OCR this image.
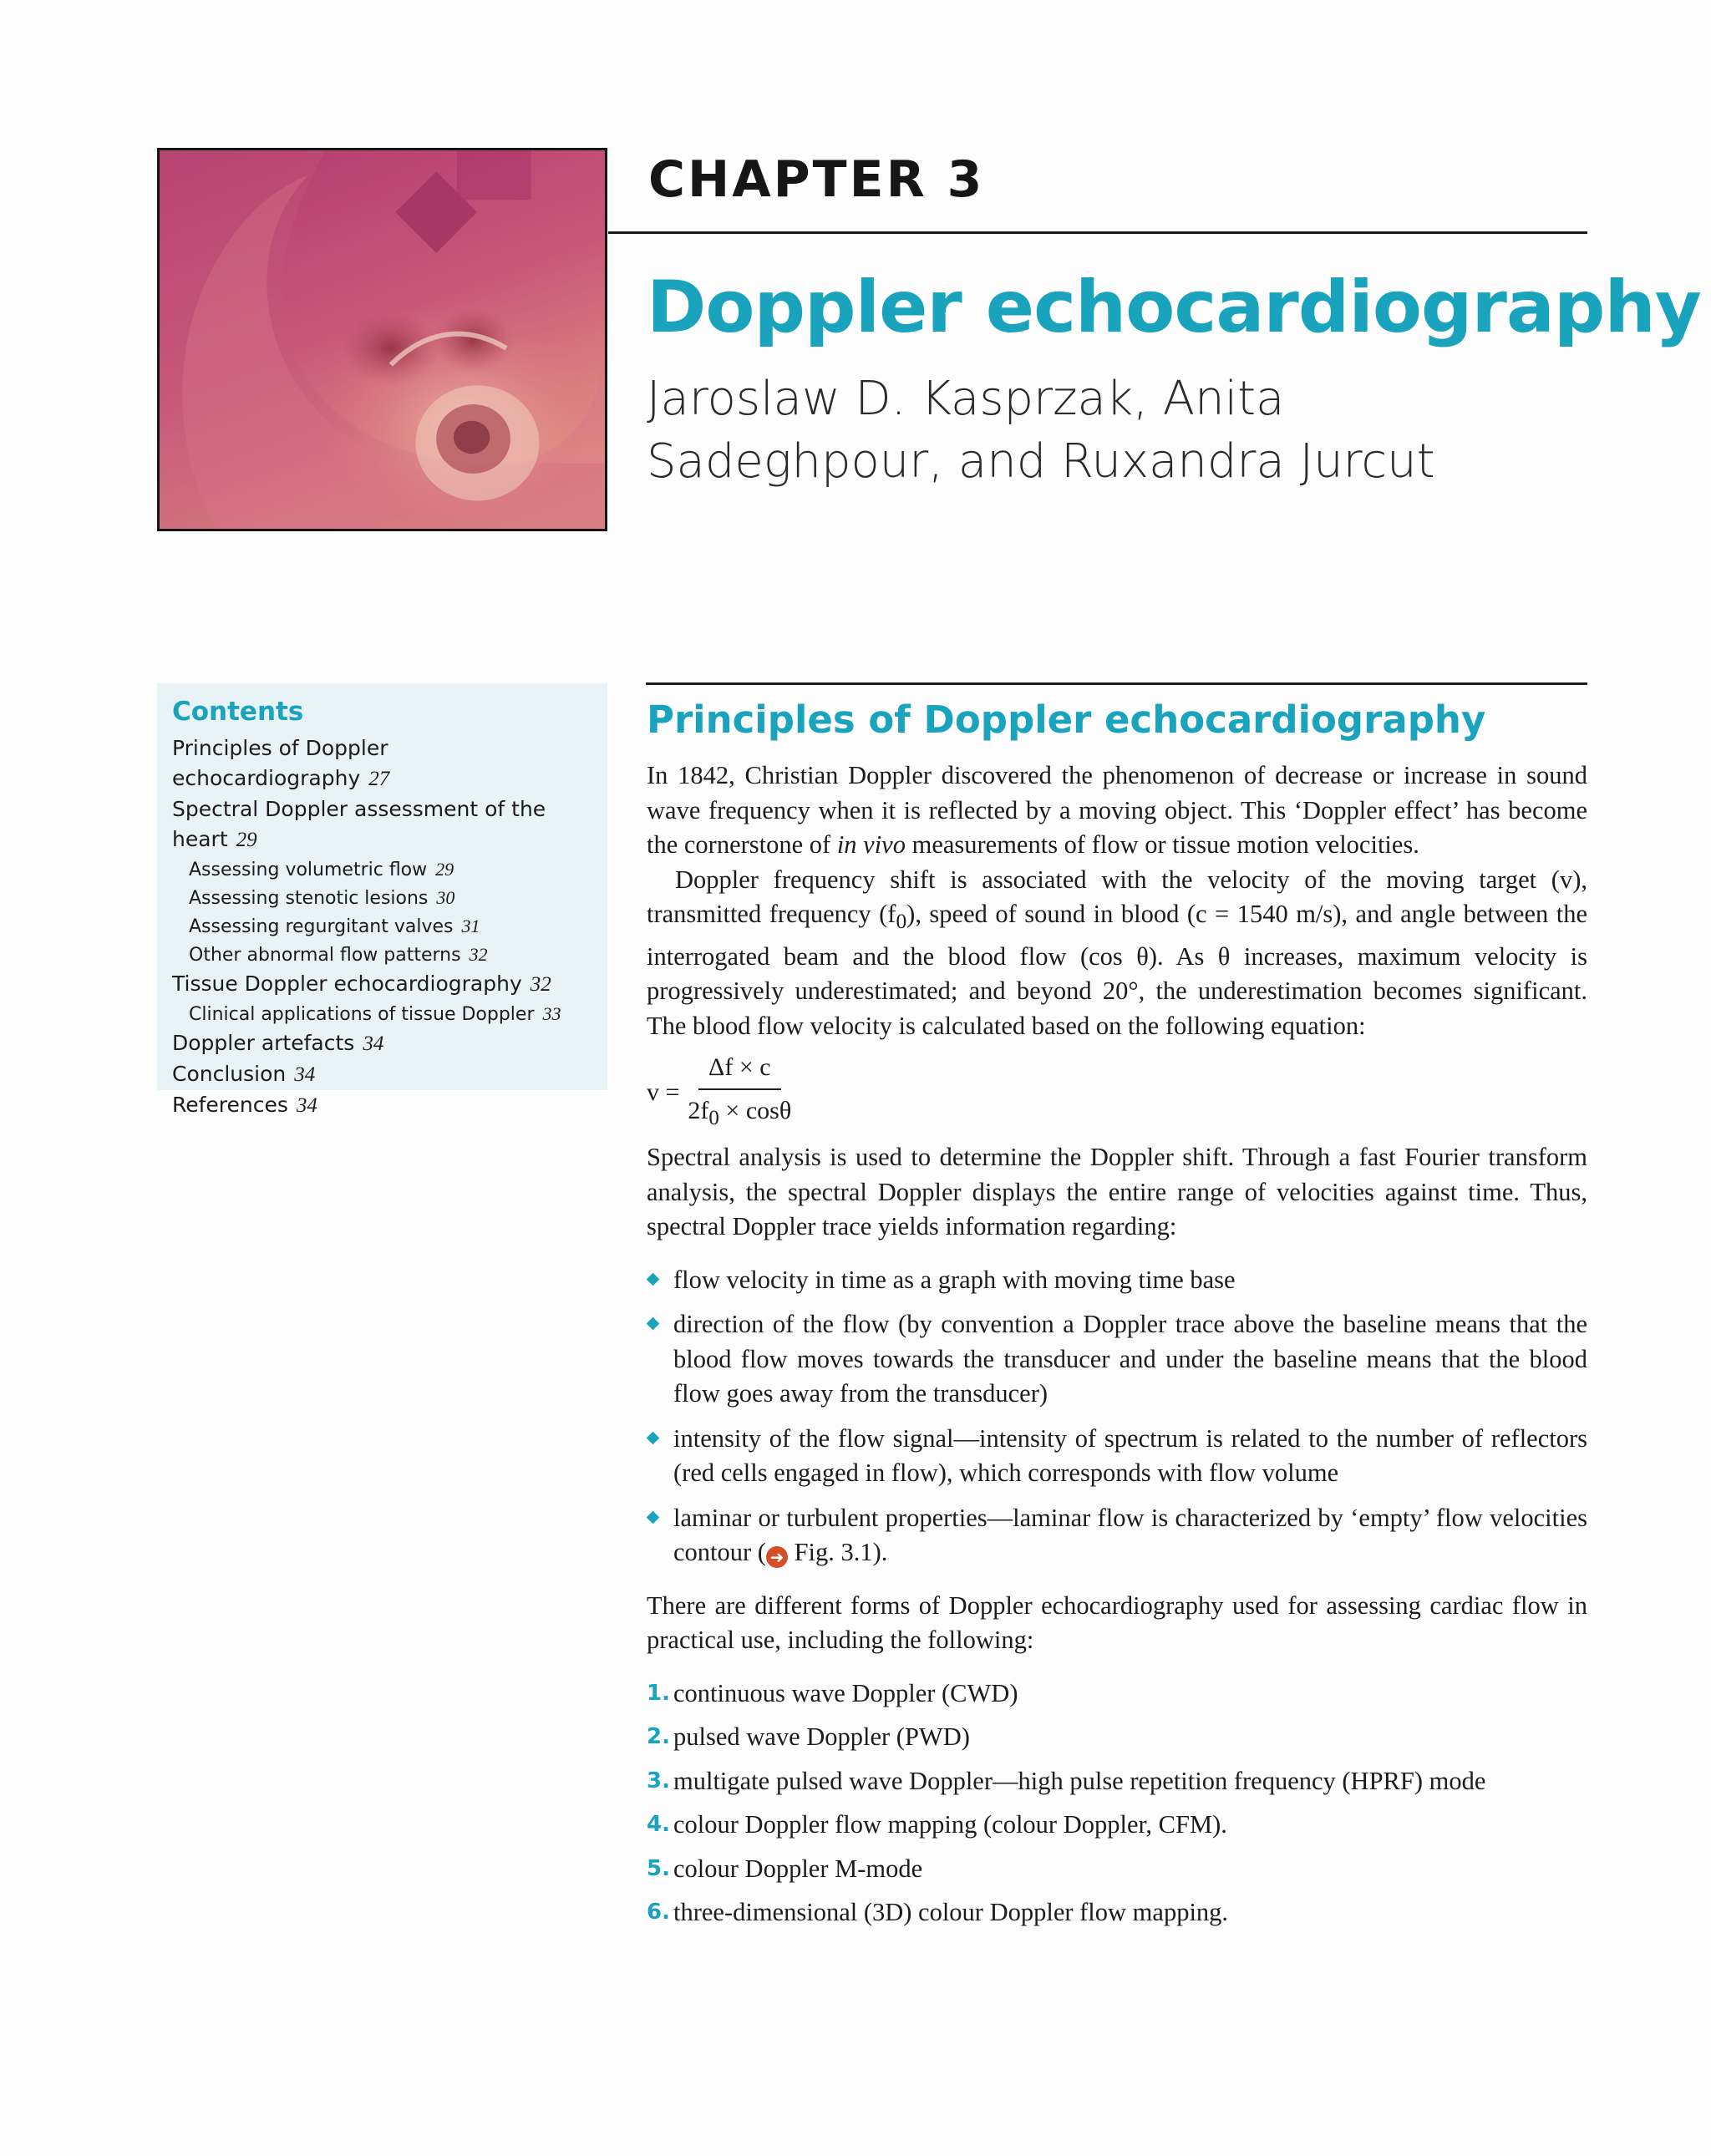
CHAPTER 3
Doppler echocardiography

Jaroslaw D. Kasprzak, Anita Sadeghpour, and Ruxandra Jurcut

Contents
Principles of Doppler echocardiography 27
Spectral Doppler assessment of the heart 29
Assessing volumetric flow 29
Assessing stenotic lesions 30
Assessing regurgitant valves 31
Other abnormal flow patterns 32
Tissue Doppler echocardiography 32
Clinical applications of tissue Doppler 33
Doppler artefacts 34
Conclusion 34
References 34
Principles of Doppler echocardiography

In 1842, Christian Doppler discovered the phenomenon of decrease or increase in sound wave frequency when it is reflected by a moving object. This ‘Doppler effect’ has become the cornerstone of in vivo measurements of flow or tissue motion velocities.

Doppler frequency shift is associated with the velocity of the moving target (v), transmitted frequency $(f_0)$, speed of sound in blood (c = 1540 m/s), and angle between the interrogated beam and the blood flow (cos θ). As θ increases, maximum velocity is progressively underestimated; and beyond 20°, the underestimation becomes significant. The blood flow velocity is calculated based on the following equation:

$v = \frac{\Delta f \times c}{2f_0 \times \cos\theta}$

Spectral analysis is used to determine the Doppler shift. Through a fast Fourier transform analysis, the spectral Doppler displays the entire range of velocities against time. Thus, spectral Doppler trace yields information regarding:

flow velocity in time as a graph with moving time base
direction of the flow (by convention a Doppler trace above the baseline means that the blood flow moves towards the transducer and under the baseline means that the blood flow goes away from the transducer)
intensity of the flow signal—intensity of spectrum is related to the number of reflectors (red cells engaged in flow), which corresponds with flow volume
laminar or turbulent properties—laminar flow is characterized by ‘empty’ flow velocities contour ( ➜ Fig. 3.1).

There are different forms of Doppler echocardiography used for assessing cardiac flow in practical use, including the following:

1. continuous wave Doppler (CWD)
2. pulsed wave Doppler (PWD)
3. multigate pulsed wave Doppler—high pulse repetition frequency (HPRF) mode
4. colour Doppler flow mapping (colour Doppler, CFM).
5. colour Doppler M-mode
6. three-dimensional (3D) colour Doppler flow mapping.
